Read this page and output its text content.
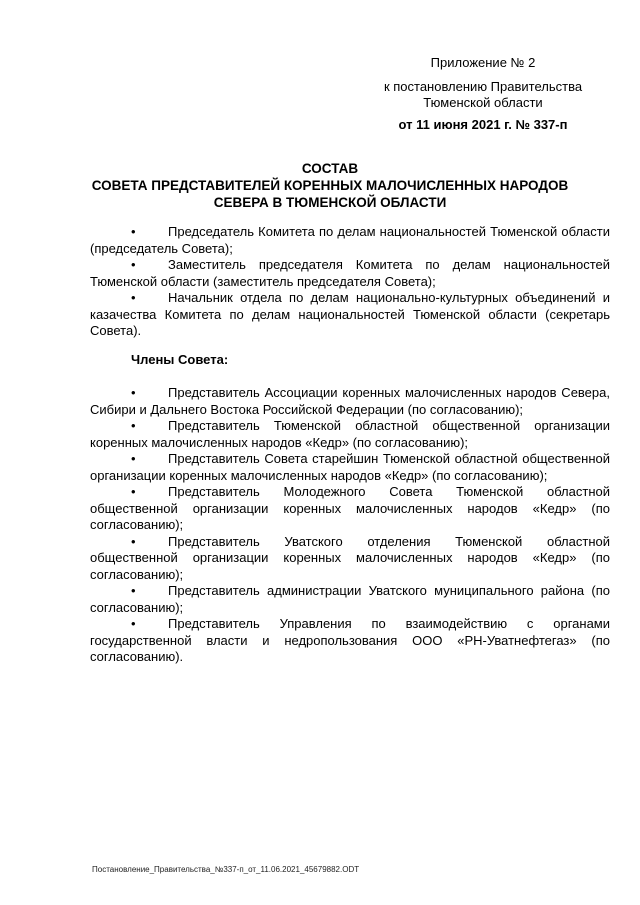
Приложение № 2
к постановлению Правительства
Тюменской области
от 11 июня 2021 г. № 337-п
СОСТАВ
СОВЕТА ПРЕДСТАВИТЕЛЕЙ КОРЕННЫХ МАЛОЧИСЛЕННЫХ НАРОДОВ
СЕВЕРА В ТЮМЕНСКОЙ ОБЛАСТИ
• Председатель Комитета по делам национальностей Тюменской области (председатель Совета);
• Заместитель председателя Комитета по делам национальностей Тюменской области (заместитель председателя Совета);
• Начальник отдела по делам национально-культурных объединений и казачества Комитета по делам национальностей Тюменской области (секретарь Совета).
Члены Совета:
• Представитель Ассоциации коренных малочисленных народов Севера, Сибири и Дальнего Востока Российской Федерации (по согласованию);
• Представитель Тюменской областной общественной организации коренных малочисленных народов «Кедр» (по согласованию);
• Представитель Совета старейшин Тюменской областной общественной организации коренных малочисленных народов «Кедр» (по согласованию);
• Представитель Молодежного Совета Тюменской областной общественной организации коренных малочисленных народов «Кедр» (по согласованию);
• Представитель Уватского отделения Тюменской областной общественной организации коренных малочисленных народов «Кедр» (по согласованию);
• Представитель администрации Уватского муниципального района (по согласованию);
• Представитель Управления по взаимодействию с органами государственной власти и недропользования ООО «РН-Уватнефтегаз» (по согласованию).
Постановление_Правительства_№337-п_от_11.06.2021_45679882.ODT
